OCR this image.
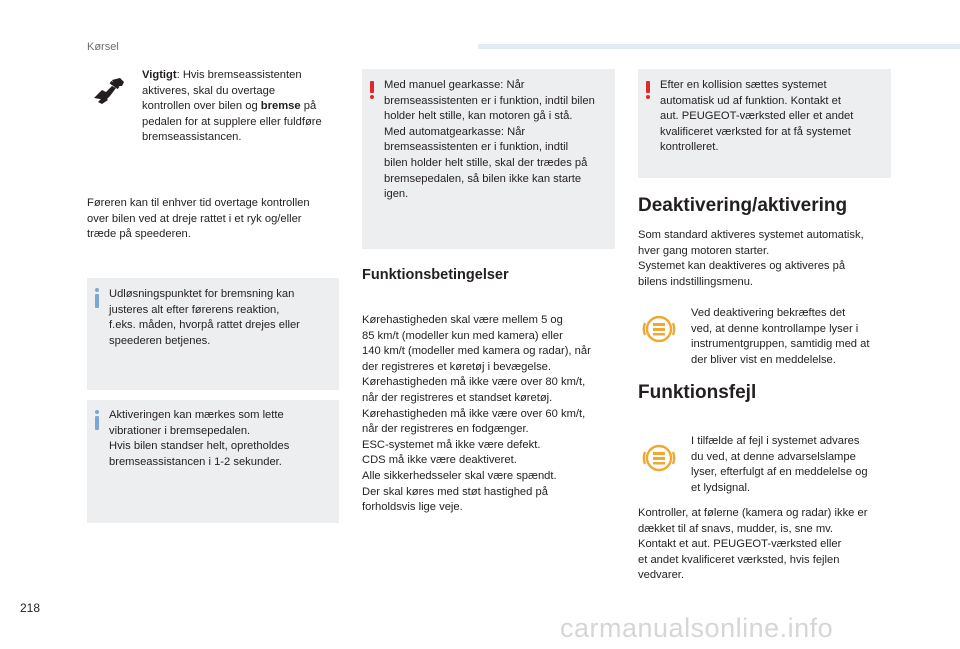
Kørsel
Vigtigt: Hvis bremseassistenten
aktiveres, skal du overtage
kontrollen over bilen og bremse på
pedalen for at supplere eller fuldføre
bremseassistancen.
Føreren kan til enhver tid overtage kontrollen
over bilen ved at dreje rattet i et ryk og/eller
træde på speederen.
Udløsningspunktet for bremsning kan
justeres alt efter førerens reaktion,
f.eks. måden, hvorpå rattet drejes eller
speederen betjenes.
Aktiveringen kan mærkes som lette
vibrationer i bremsepedalen.
Hvis bilen standser helt, opretholdes
bremseassistancen i 1-2 sekunder.
Med manuel gearkasse: Når
bremseassistenten er i funktion, indtil bilen
holder helt stille, kan motoren gå i stå.
Med automatgearkasse: Når
bremseassistenten er i funktion, indtil
bilen holder helt stille, skal der trædes på
bremsepedalen, så bilen ikke kan starte
igen.
Funktionsbetingelser
Kørehastigheden skal være mellem 5 og
85 km/t (modeller kun med kamera) eller
140 km/t (modeller med kamera og radar), når
der registreres et køretøj i bevægelse.
Kørehastigheden må ikke være over 80 km/t,
når der registreres et standset køretøj.
Kørehastigheden må ikke være over 60 km/t,
når der registreres en fodgænger.
ESC-systemet må ikke være defekt.
CDS må ikke være deaktiveret.
Alle sikkerhedsseler skal være spændt.
Der skal køres med støt hastighed på
forholdsvis lige veje.
Efter en kollision sættes systemet
automatisk ud af funktion. Kontakt et
aut. PEUGEOT-værksted eller et andet
kvalificeret værksted for at få systemet
kontrolleret.
Deaktivering/aktivering
Som standard aktiveres systemet automatisk,
hver gang motoren starter.
Systemet kan deaktiveres og aktiveres på
bilens indstillingsmenu.
Ved deaktivering bekræftes det
ved, at denne kontrollampe lyser i
instrumentgruppen, samtidig med at
der bliver vist en meddelelse.
Funktionsfejl
I tilfælde af fejl i systemet advares
du ved, at denne advarselslampe
lyser, efterfulgt af en meddelelse og
et lydsignal.
Kontroller, at følerne (kamera og radar) ikke er
dækket til af snavs, mudder, is, sne mv.
Kontakt et aut. PEUGEOT-værksted eller
et andet kvalificeret værksted, hvis fejlen
vedvarer.
218
carmanualsonline.info
